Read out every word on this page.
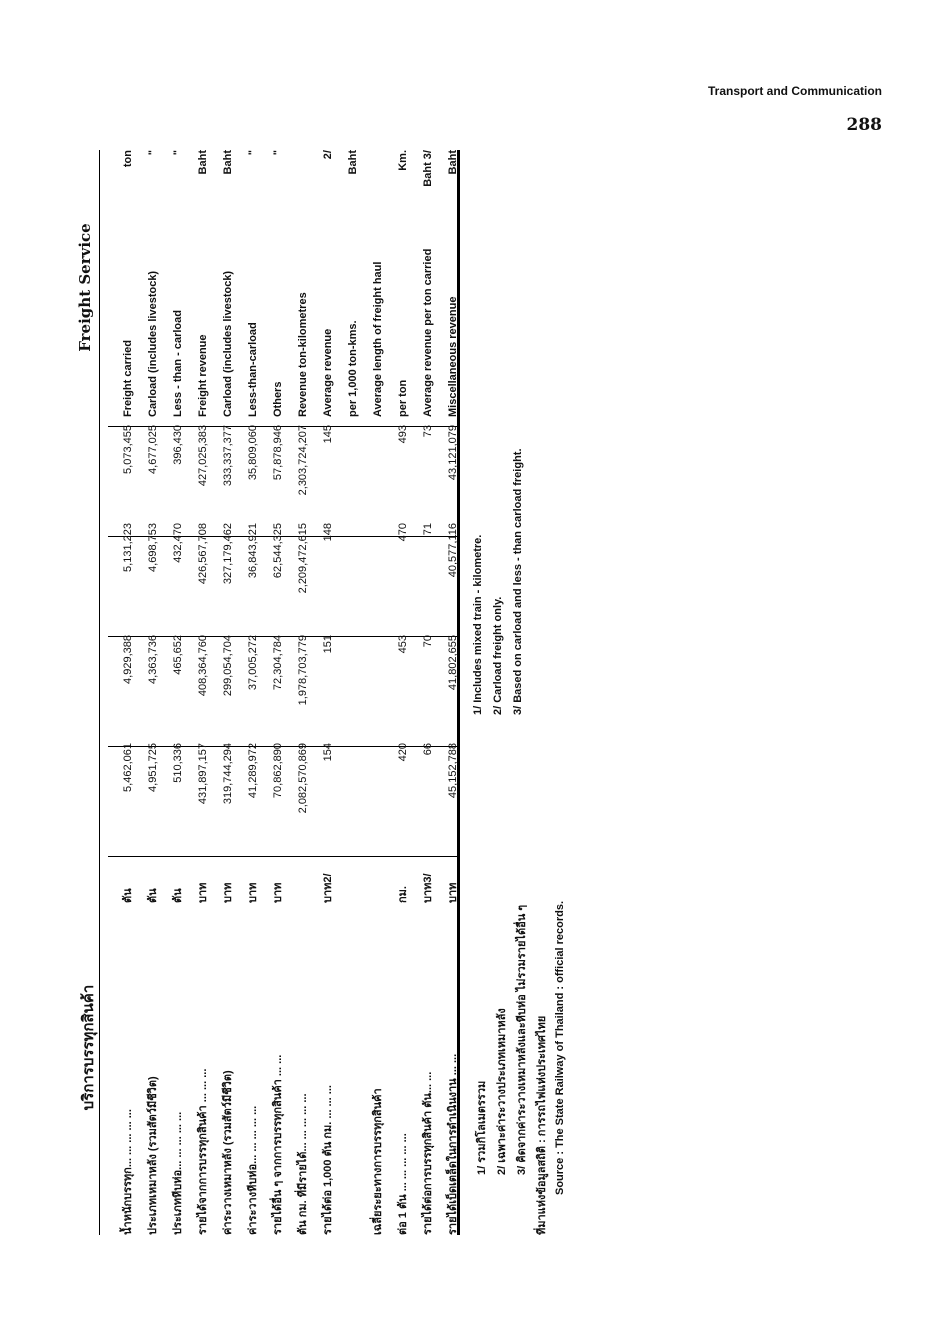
Transport and Communication
288
บริการบรรทุกสินค้า
Freight Service
น้ำหนักบรรทุก... ... ... ... ...
ตัน
5,462,061
4,929,388
5,131,223
5,073,455
Freight carried
ton
ประเภทเหมาหลัง (รวมสัตว์มีชีวิต)
ตัน
4,951,725
4,363,736
4,698,753
4,677,025
Carload (includes livestock)
"
ประเภทหีบห่อ... ... ... ... ...
ตัน
510,336
465,652
432,470
396,430
Less - than - carload
"
รายได้จากการบรรทุกสินค้า ... ... ...
บาท
431,897,157
408,364,760
426,567,708
427,025,383
Freight revenue
Baht
ค่าระวางเหมาหลัง (รวมสัตว์มีชีวิต)
บาท
319,744,294
299,054,704
327,179,462
333,337,377
Carload (includes livestock)
Baht
ค่าระวางหีบห่อ... ... ... ... ...
บาท
41,289,972
37,005,272
36,843,921
35,809,060
Less-than-carload
"
รายได้อื่น ๆ จากการบรรทุกสินค้า ... ...
บาท
70,862,890
72,304,784
62,544,325
57,878,946
Others
"
ตัน กม. ที่มีรายได้... ... ... ... ...
2,082,570,869
1,978,703,779
2,209,472,615
2,303,724,207
Revenue ton-kilometres
รายได้ต่อ 1,000 ตัน กม. ... ... ...
บาท2/
154
151
148
145
Average revenue
2/
per 1,000 ton-kms.
Baht
เฉลี่ยระยะทางการบรรทุกสินค้า
Average length of freight haul
ต่อ 1 ตัน ... ... ... ... ...
กม.
420
453
470
493
per ton
Km.
รายได้ต่อการบรรทุกสินค้า ตัน... ...
บาท3/
66
70
71
73
Average revenue per ton carried
Baht 3/
รายได้เบ็ดเตล็ดในการดำเนินงาน ... ...
บาท
45,152,788
41,802,655
40,577,116
43,121,079
Miscellaneous revenue
Baht
1/ รวมกิโลเมตรรวม 2/ เฉพาะค่าระวางประเภทเหมาหลัง 3/ คิดจากค่าระวางเหมาหลังและหีบห่อ ไม่รวมรายได้อื่น ๆ ที่มาแห่งข้อมูลสถิติ : การรถไฟแห่งประเทศไทย Source : The State Railway of Thailand : official records.
1/ Includes mixed train - kilometre. 2/ Carload freight only. 3/ Based on carload and less - than carload freight.
